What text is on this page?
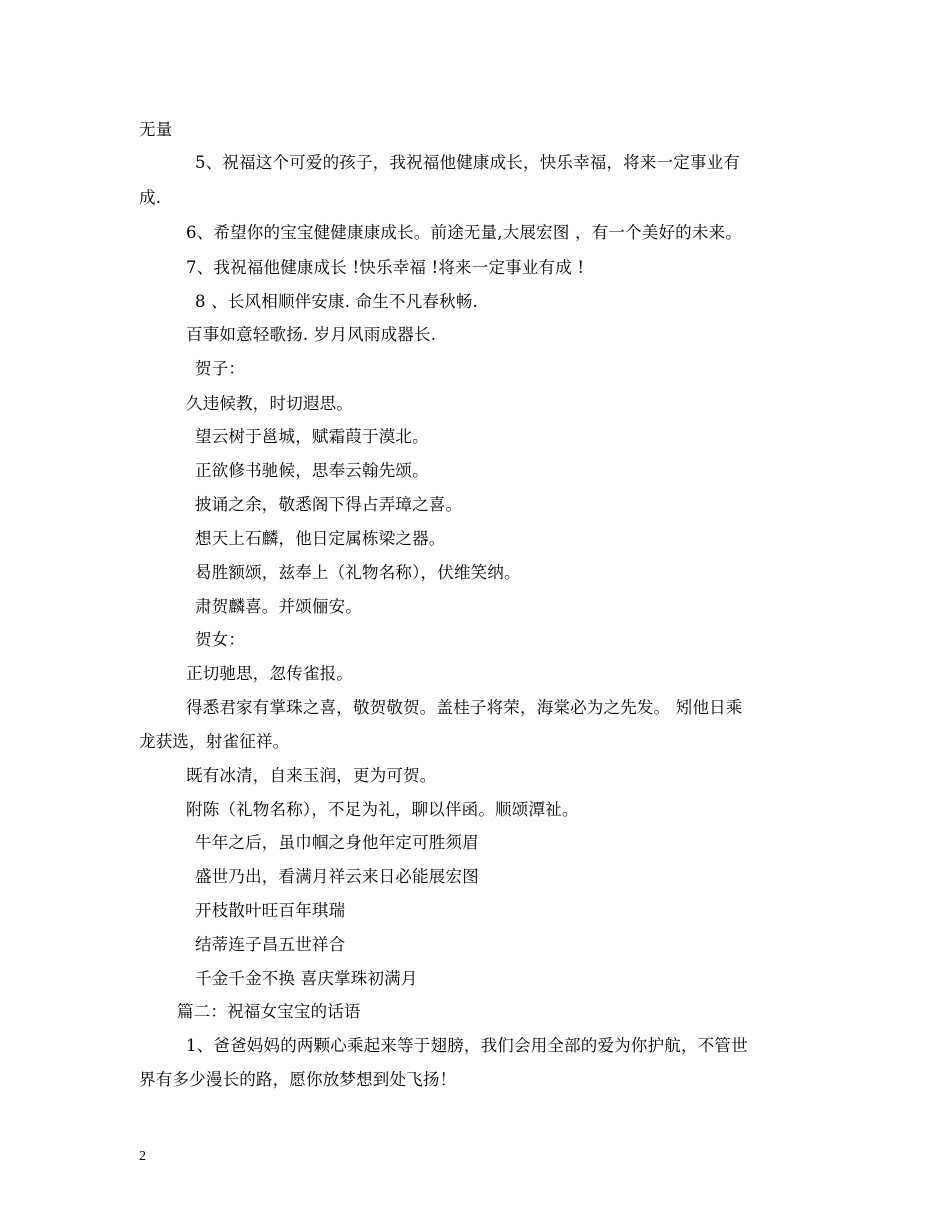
无量
5、祝福这个可爱的孩子，我祝福他健康成长，快乐幸福，将来一定事业有
成.
6、希望你的宝宝健健康康成长。前途无量,大展宏图 ，有一个美好的未来。
7、我祝福他健康成长 !快乐幸福 !将来一定事业有成 !
8 、长风相顺伴安康. 命生不凡春秋畅.
百事如意轻歌扬. 岁月风雨成器长.
贺子：
久违候教，时切遐思。
望云树于邕城，赋霜葭于漠北。
正欲修书驰候，思奉云翰先颂。
披诵之余，敬悉阁下得占弄璋之喜。
想天上石麟，他日定属栋梁之器。
曷胜额颂，兹奉上（礼物名称），伏维笑纳。
肃贺麟喜。并颂俪安。
贺女：
正切驰思，忽传雀报。
得悉君家有掌珠之喜，敬贺敬贺。盖桂子将荣，海棠必为之先发。 矧他日乘
龙获选，射雀征祥。
既有冰清，自来玉润，更为可贺。
附陈（礼物名称），不足为礼，聊以伴函。顺颂潭祉。
牛年之后，虽巾帼之身他年定可胜须眉
盛世乃出，看满月祥云来日必能展宏图
开枝散叶旺百年琪瑞
结蒂连子昌五世祥合
千金千金不换 喜庆掌珠初满月
篇二：祝福女宝宝的话语
1、爸爸妈妈的两颗心乘起来等于翅膀，我们会用全部的爱为你护航，不管世
界有多少漫长的路，愿你放梦想到处飞扬！
2
